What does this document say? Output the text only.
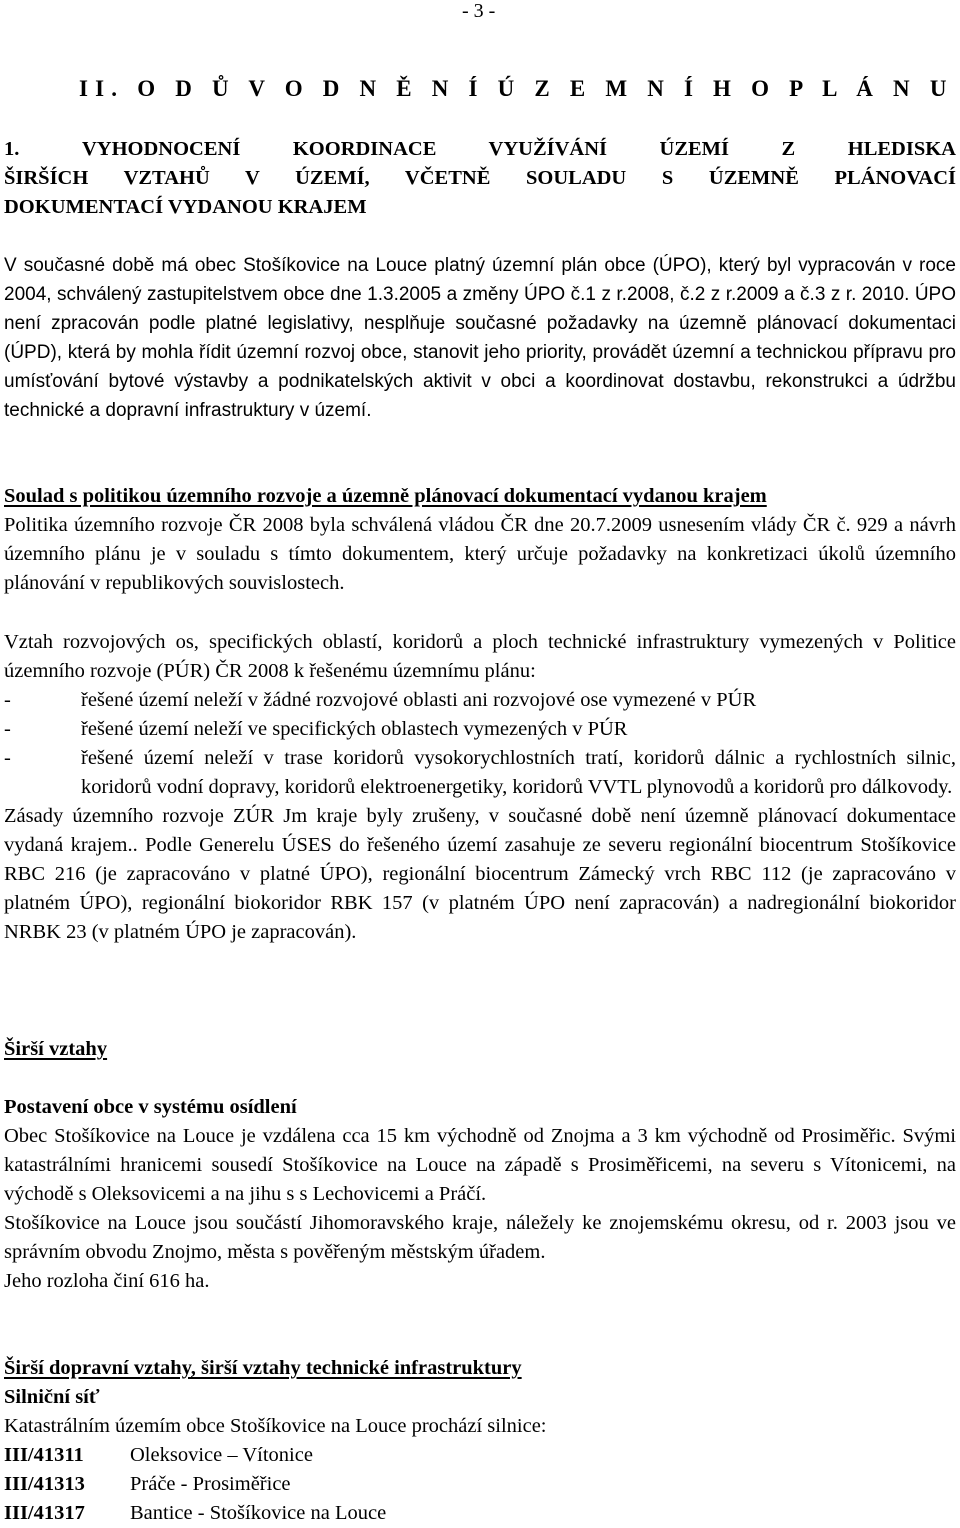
- 3 -
II. O D Ů V O D N Ě N Í Ú Z E M N Í H O P L Á N U
1.	VYHODNOCENÍ KOORDINACE VYUŽÍVÁNÍ ÚZEMÍ Z HLEDISKA
ŠIRŠÍCH VZTAHŮ V ÚZEMÍ, VČETNĚ SOULADU S ÚZEMNĚ PLÁNOVACÍ
DOKUMENTACÍ VYDANOU KRAJEM
V současné době má obec Stošíkovice na Louce platný územní plán obce (ÚPO), který byl vypracován v roce 2004, schválený zastupitelstvem obce dne 1.3.2005 a změny ÚPO č.1 z r.2008, č.2 z r.2009 a č.3 z r. 2010. ÚPO není zpracován podle platné legislativy, nesplňuje současné požadavky na územně plánovací dokumentaci (ÚPD), která by mohla řídit územní rozvoj obce, stanovit jeho priority, provádět územní a technickou přípravu pro umísťování bytové výstavby a podnikatelských aktivit v obci a koordinovat dostavbu, rekonstrukci a údržbu technické a dopravní infrastruktury v území.
Soulad s politikou územního rozvoje a územně plánovací dokumentací vydanou krajem
Politika územního rozvoje ČR 2008 byla schválená vládou ČR dne 20.7.2009 usnesením vlády ČR č. 929 a návrh územního plánu je v souladu s tímto dokumentem, který určuje požadavky na konkretizaci úkolů územního plánování v republikových souvislostech.
Vztah rozvojových os, specifických oblastí, koridorů a ploch technické infrastruktury vymezených v Politice územního rozvoje (PÚR) ČR 2008 k řešenému územnímu plánu:
-	řešené území neleží v žádné rozvojové oblasti ani rozvojové ose vymezené v PÚR
-	řešené území neleží ve specifických oblastech vymezených v PÚR
-	řešené území neleží v trase koridorů vysokorychlostních tratí, koridorů dálnic a rychlostních silnic, koridorů vodní dopravy, koridorů elektroenergetiky, koridorů VVTL plynovodů a koridorů pro dálkovody.
Zásady územního rozvoje ZÚR Jm kraje byly zrušeny, v současné době není územně plánovací dokumentace vydaná krajem.. Podle Generelu ÚSES do řešeného území zasahuje ze severu regionální biocentrum Stošíkovice RBC 216 (je zapracováno v platné ÚPO), regionální biocentrum Zámecký vrch RBC 112 (je zapracováno v platném ÚPO), regionální biokoridor RBK 157 (v platném ÚPO není zapracován) a nadregionální biokoridor NRBK 23 (v platném ÚPO je zapracován).
Širší vztahy
Postavení obce v systému osídlení
Obec Stošíkovice na Louce je vzdálena cca 15 km východně od Znojma a 3 km východně od Prosiměřic. Svými katastrálními hranicemi sousedí Stošíkovice na Louce na západě s Prosiměřicemi, na severu s Vítonicemi, na východě s Oleksovicemi a na jihu s s Lechovicemi a Práčí.
Stošíkovice na Louce jsou součástí Jihomoravského kraje, náležely ke znojemskému okresu, od r. 2003 jsou ve správním obvodu Znojmo, města s pověřeným městským úřadem.
Jeho rozloha činí 616 ha.
Širší dopravní vztahy, širší vztahy technické infrastruktury
Silniční síť
Katastrálním územím obce Stošíkovice na Louce prochází silnice:
III/41311	Oleksovice – Vítonice
III/41313	Práče - Prosiměřice
III/41317	Bantice - Stošíkovice na Louce
